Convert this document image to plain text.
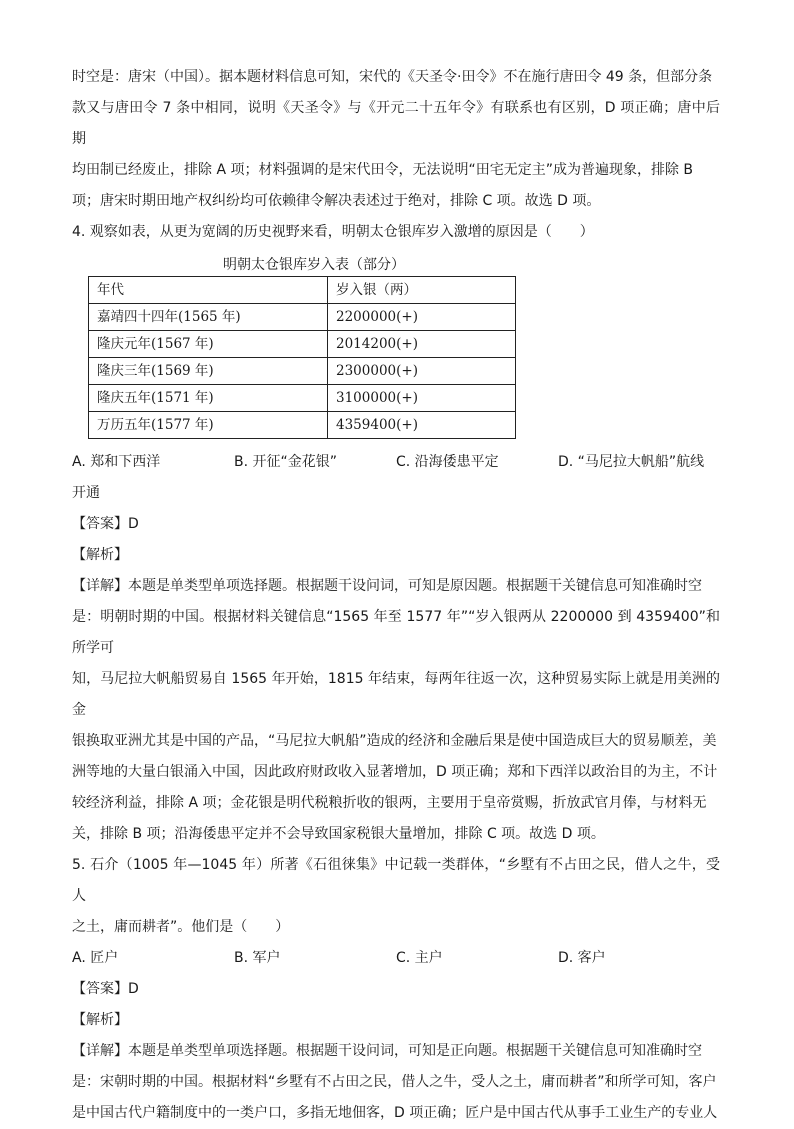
时空是：唐宋（中国）。据本题材料信息可知，宋代的《天圣令·田令》不在施行唐田令 49 条，但部分条

款又与唐田令 7 条中相同，说明《天圣令》与《开元二十五年令》有联系也有区别，D 项正确；唐中后期

均田制已经废止，排除 A 项；材料强调的是宋代田令，无法说明“田宅无定主”成为普遍现象，排除 B

项；唐宋时期田地产权纠纷均可依赖律令解决表述过于绝对，排除 C 项。故选 D 项。

4. 观察如表，从更为宽阔的历史视野来看，明朝太仓银库岁入激增的原因是（　　）

明朝太仓银库岁入表（部分）
年代	岁入银（两）
嘉靖四十四年(1565 年)	2200000(+)
隆庆元年(1567 年)	2014200(+)
隆庆三年(1569 年)	2300000(+)
隆庆五年(1571 年)	3100000(+)
万历五年(1577 年)	4359400(+)
A. 郑和下西洋	B. 开征“金花银”	C. 沿海倭患平定	D. “马尼拉大帆船”航线

开通

【答案】D

【解析】

【详解】本题是单类型单项选择题。根据题干设问词，可知是原因题。根据题干关键信息可知准确时空

是：明朝时期的中国。根据材料关键信息“1565 年至 1577 年”“岁入银两从 2200000 到 4359400”和所学可

知，马尼拉大帆船贸易自 1565 年开始，1815 年结束，每两年往返一次，这种贸易实际上就是用美洲的金

银换取亚洲尤其是中国的产品，“马尼拉大帆船”造成的经济和金融后果是使中国造成巨大的贸易顺差，美

洲等地的大量白银涌入中国，因此政府财政收入显著增加，D 项正确；郑和下西洋以政治目的为主，不计

较经济利益，排除 A 项；金花银是明代税粮折收的银两，主要用于皇帝赏赐，折放武官月俸，与材料无

关，排除 B 项；沿海倭患平定并不会导致国家税银大量增加，排除 C 项。故选 D 项。

5. 石介（1005 年—1045 年）所著《石徂徕集》中记载一类群体，“乡墅有不占田之民，借人之牛，受人

之土，庸而耕者”。他们是（　　）

A. 匠户	B. 军户	C. 主户	D. 客户

【答案】D

【解析】

【详解】本题是单类型单项选择题。根据题干设问词，可知是正向题。根据题干关键信息可知准确时空

是：宋朝时期的中国。根据材料“乡墅有不占田之民，借人之牛，受人之土，庸而耕者”和所学可知，客户

是中国古代户籍制度中的一类户口，多指无地佃客，D 项正确；匠户是中国古代从事手工业生产的专业人
